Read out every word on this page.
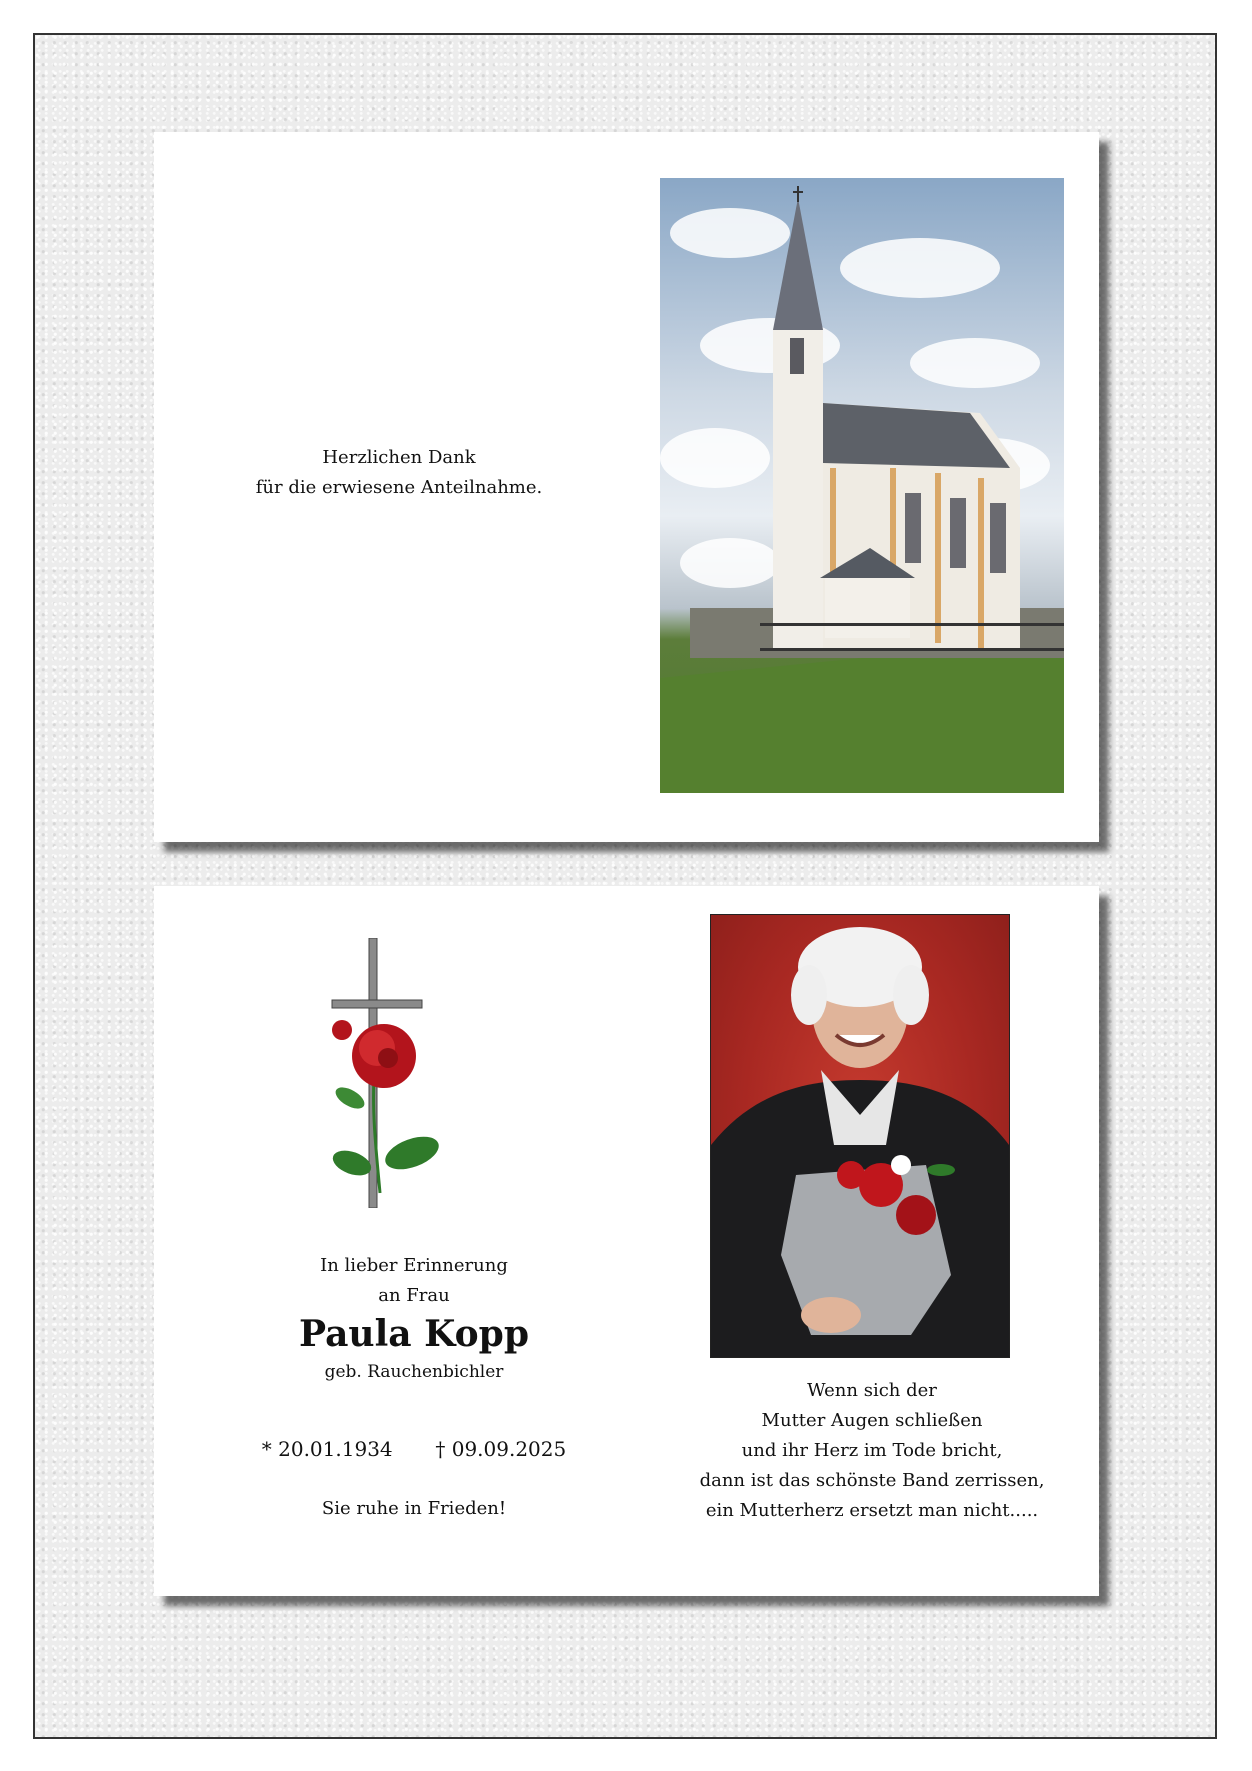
Herzlichen Dank
für die erwiesene Anteilnahme.
In lieber Erinnerung
an Frau
Paula Kopp
geb. Rauchenbichler
* 20.01.1934 † 09.09.2025
Sie ruhe in Frieden!
Wenn sich der
Mutter Augen schließen
und ihr Herz im Tode bricht,
dann ist das schönste Band zerrissen,
ein Mutterherz ersetzt man nicht.....
